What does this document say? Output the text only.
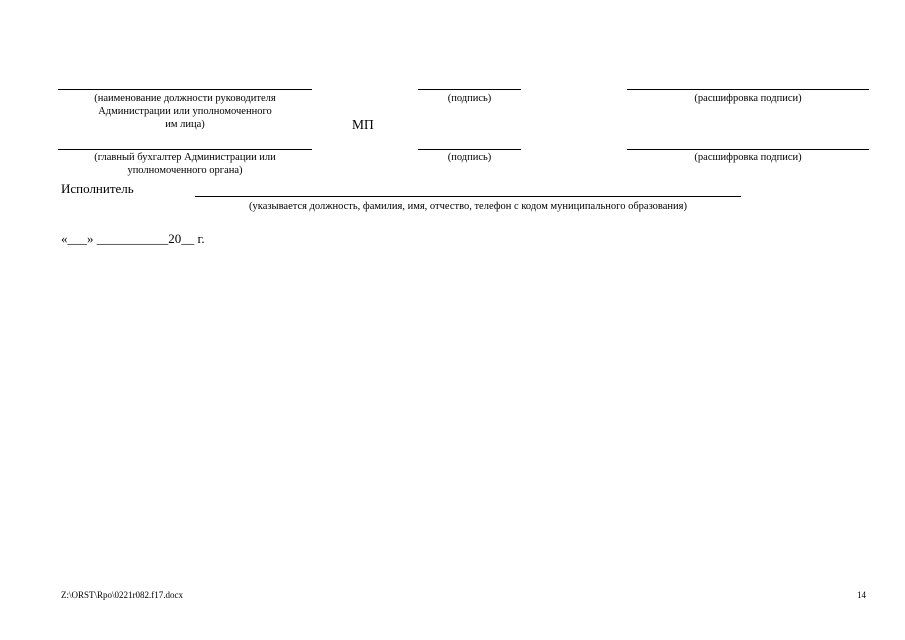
(наименование должности руководителя
Администрации или уполномоченного
им лица)
(подпись)	(расшифровка подписи)
МП
(главный бухгалтер Администрации или
уполномоченного органа)
(подпись)	(расшифровка подписи)
Исполнитель
(указывается должность, фамилия, имя, отчество, телефон с кодом муниципального образования)
«___» ___________20__ г.
Z:\ORST\Rpo\0221r082.f17.docx	14
